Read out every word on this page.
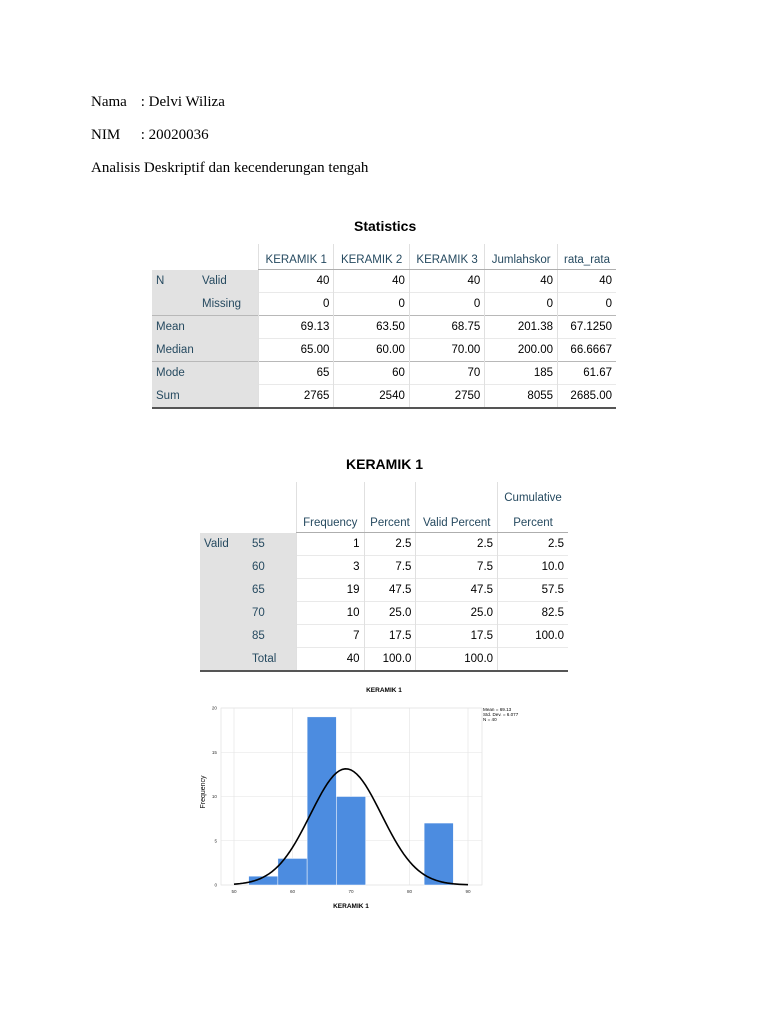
Nama : Delvi Wiliza
NIM : 20020036
Analisis Deskriptif dan kecenderungan tengah
Statistics
		KERAMIK 1	KERAMIK 2	KERAMIK 3	Jumlahskor	rata_rata
N	Valid	40	40	40	40	40
	Missing	0	0	0	0	0
Mean		69.13	63.50	68.75	201.38	67.1250
Median		65.00	60.00	70.00	200.00	66.6667
Mode		65	60	70	185	61.67
Sum		2765	2540	2750	8055	2685.00
KERAMIK 1
					Cumulative
		Frequency	Percent	Valid Percent	Percent
Valid	55	1	2.5	2.5	2.5
	60	3	7.5	7.5	10.0
	65	19	47.5	47.5	57.5
	70	10	25.0	25.0	82.5
	85	7	17.5	17.5	100.0
	Total	40	100.0	100.0	
KERAMIK 1
0
5
10
15
20
50	60	70	80	90
Frequency
KERAMIK 1
Mean = 69.13
Std. Dev. = 6.077
N = 40
